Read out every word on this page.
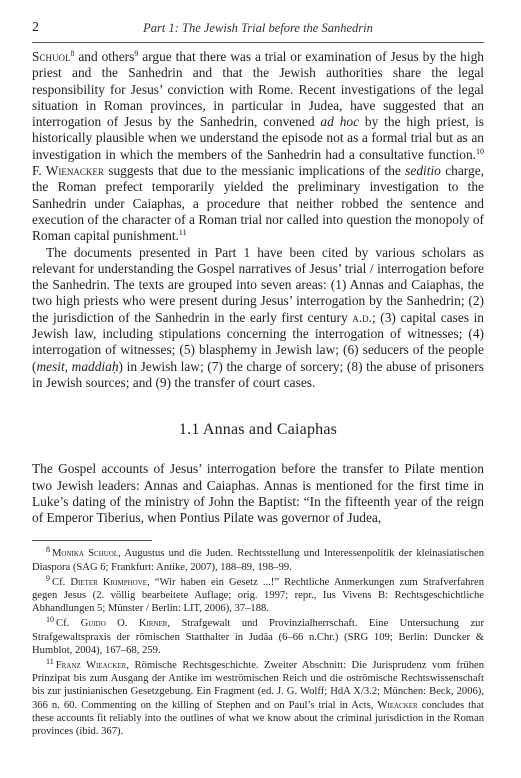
2	Part 1: The Jewish Trial before the Sanhedrin

Schuol$^8$ and others$^9$ argue that there was a trial or examination of Jesus by the high priest and the Sanhedrin and that the Jewish authorities share the legal responsibility for Jesus’ conviction with Rome. Recent investigations of the legal situation in Roman provinces, in particular in Judea, have suggested that an interrogation of Jesus by the Sanhedrin, convened ad hoc by the high priest, is historically plausible when we understand the episode not as a formal trial but as an investigation in which the members of the Sanhedrin had a consultative function.$^{10}$ F. Wienacker suggests that due to the messianic implications of the seditio charge, the Roman prefect temporarily yielded the preliminary investigation to the Sanhedrin under Caiaphas, a procedure that neither robbed the sentence and execution of the character of a Roman trial nor called into question the monopoly of Roman capital punishment.$^{11}$

The documents presented in Part 1 have been cited by various scholars as relevant for understanding the Gospel narratives of Jesus’ trial / interrogation before the Sanhedrin. The texts are grouped into seven areas: (1) Annas and Caiaphas, the two high priests who were present during Jesus’ interrogation by the Sanhedrin; (2) the jurisdiction of the Sanhedrin in the early first century a.d.; (3) capital cases in Jewish law, including stipulations concerning the interrogation of witnesses; (4) interrogation of witnesses; (5) blasphemy in Jewish law; (6) seducers of the people (mesit, maddiaḥ) in Jewish law; (7) the charge of sorcery; (8) the abuse of prisoners in Jewish sources; and (9) the transfer of court cases.

1.1 Annas and Caiaphas

The Gospel accounts of Jesus’ interrogation before the transfer to Pilate mention two Jewish leaders: Annas and Caiaphas. Annas is mentioned for the first time in Luke’s dating of the ministry of John the Baptist: “In the fifteenth year of the reign of Emperor Tiberius, when Pontius Pilate was governor of Judea,

$^8$ Monika Schuol, Augustus und die Juden. Rechtsstellung und Interessenpolitik der kleinasiatischen Diaspora (SAG 6; Frankfurt: Antike, 2007), 188–89, 198–99.

$^9$ Cf. Dieter Krimphove, “Wir haben ein Gesetz ...!” Rechtliche Anmerkungen zum Strafverfahren gegen Jesus (2. völlig bearbeitete Auflage; orig. 1997; repr., Ius Vivens B: Rechtsgeschichtliche Abhandlungen 5; Münster / Berlin: LIT, 2006), 37–188.

$^{10}$ Cf. Guido O. Kirner, Strafgewalt und Provinzialherrschaft. Eine Untersuchung zur Strafgewaltspraxis der römischen Statthalter in Judäa (6–66 n.Chr.) (SRG 109; Berlin: Duncker & Humblot, 2004), 167–68, 259.

$^{11}$ Franz Wieacker, Römische Rechtsgeschichte. Zweiter Abschnitt: Die Jurisprudenz vom frühen Prinzipat bis zum Ausgang der Antike im weströmischen Reich und die oströmische Rechtswissenschaft bis zur justinianischen Gesetzgebung. Ein Fragment (ed. J. G. Wolff; HdA X/3.2; München: Beck, 2006), 366 n. 60. Commenting on the killing of Stephen and on Paul’s trial in Acts, Wieacker concludes that these accounts fit reliably into the outlines of what we know about the criminal jurisdiction in the Roman provinces (ibid. 367).
